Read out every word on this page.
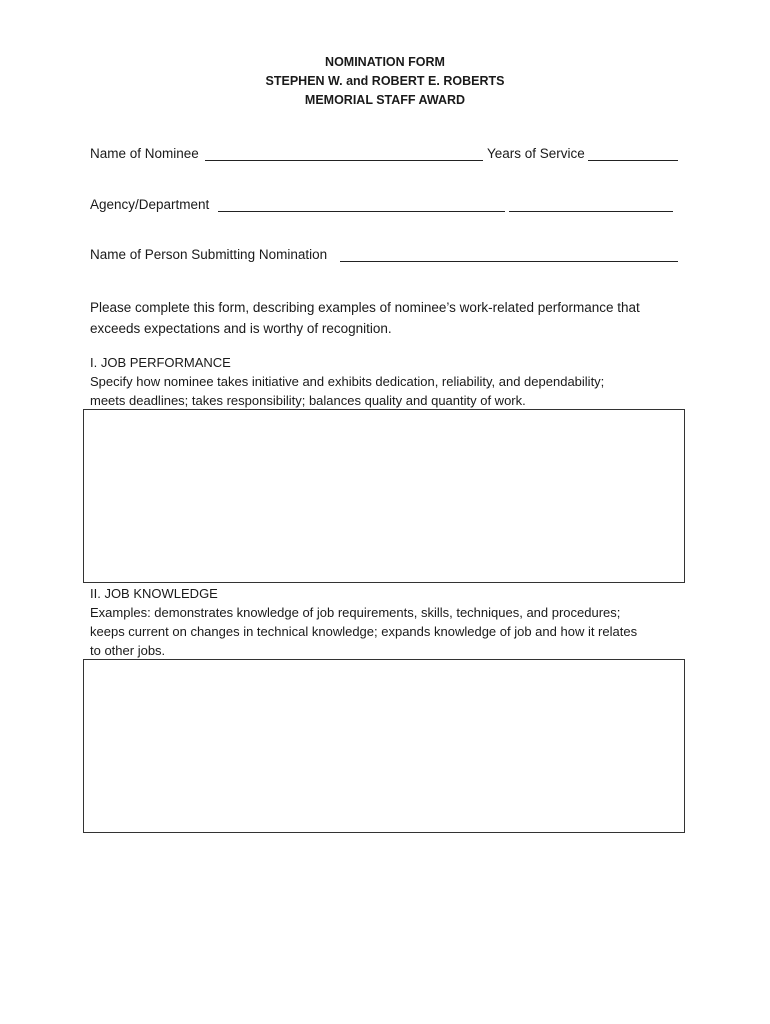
NOMINATION FORM
STEPHEN W. and ROBERT E. ROBERTS
MEMORIAL STAFF AWARD
Name of Nominee	Years of Service
Agency/Department
Name of Person Submitting Nomination
Please complete this form, describing examples of nominee’s work-related performance that
exceeds expectations and is worthy of recognition.
I. JOB PERFORMANCE
Specify how nominee takes initiative and exhibits dedication, reliability, and dependability;
meets deadlines; takes responsibility; balances quality and quantity of work.
II. JOB KNOWLEDGE
Examples: demonstrates knowledge of job requirements, skills, techniques, and procedures;
keeps current on changes in technical knowledge; expands knowledge of job and how it relates
to other jobs.
